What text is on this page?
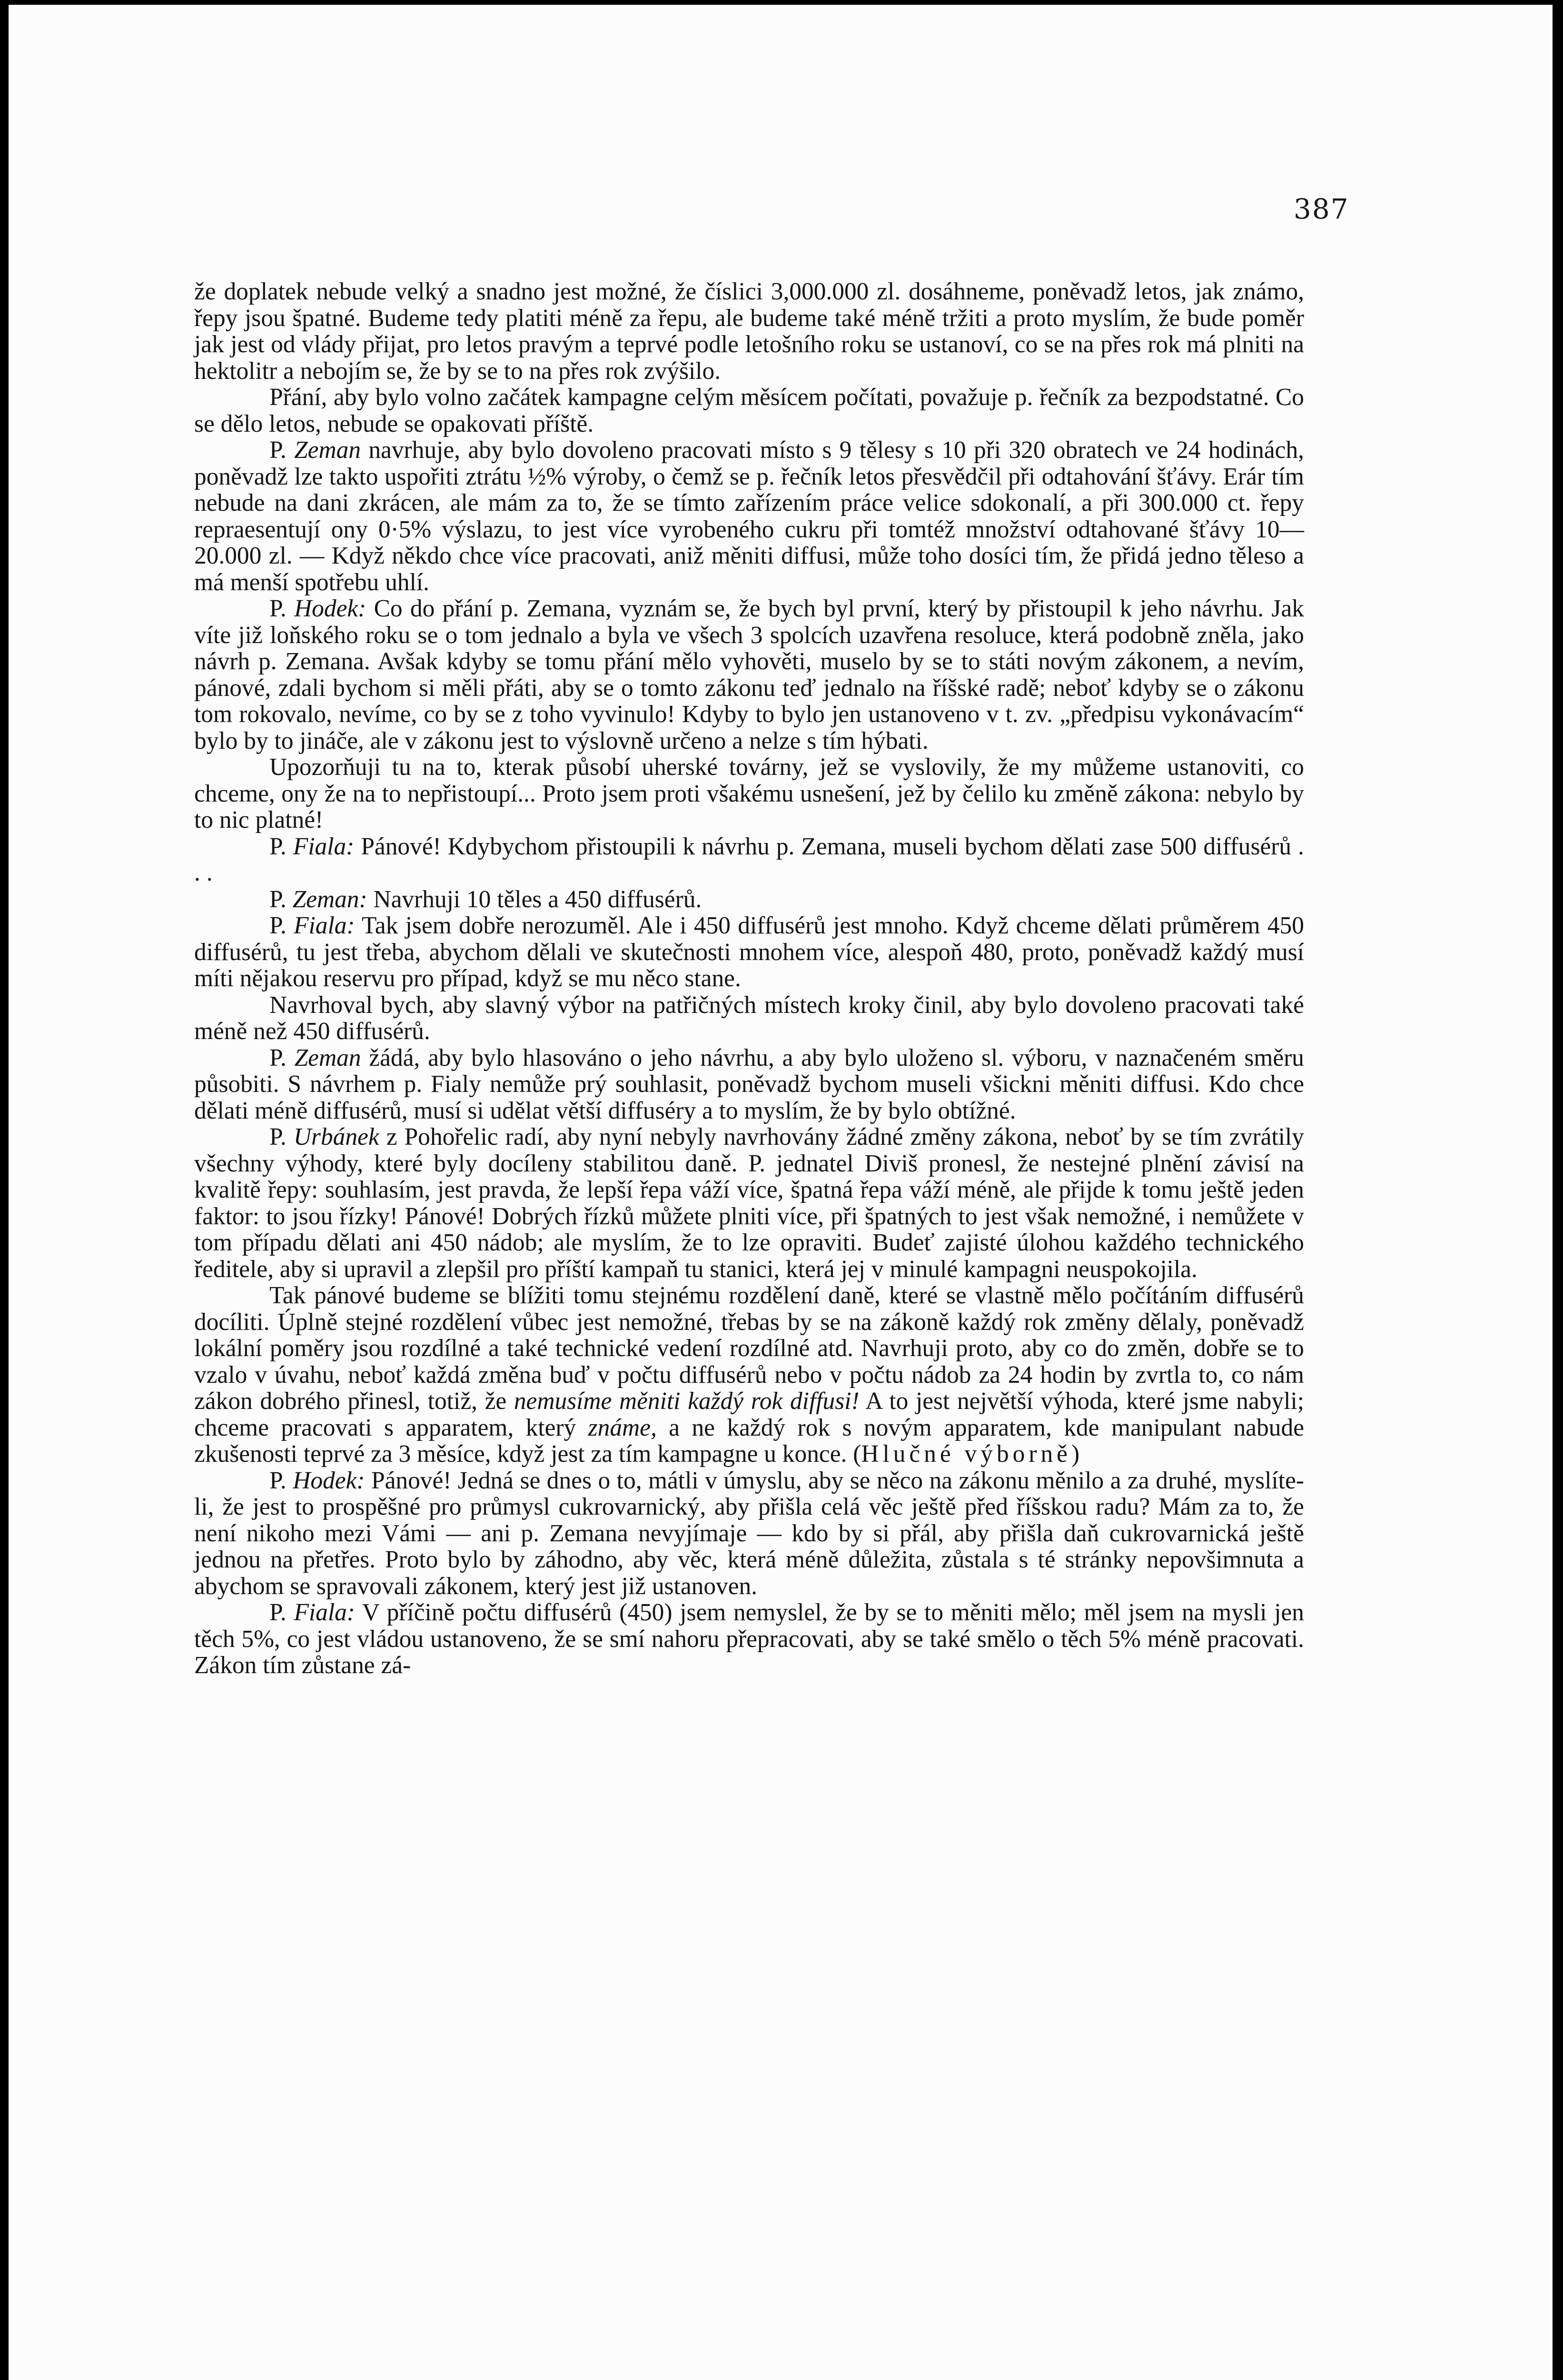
387

že doplatek nebude velký a snadno jest možné, že číslici 3,000.000 zl. dosáhneme, poněvadž letos, jak známo, řepy jsou špatné. Budeme tedy platiti méně za řepu, ale budeme také méně tržiti a proto myslím, že bude poměr jak jest od vlády přijat, pro letos pravým a teprvé podle letošního roku se ustanoví, co se na přes rok má plniti na hektolitr a nebojím se, že by se to na přes rok zvýšilo.

Přání, aby bylo volno začátek kampagne celým měsícem počítati, považuje p. řečník za bezpodstatné. Co se dělo letos, nebude se opakovati příště.

P. Zeman navrhuje, aby bylo dovoleno pracovati místo s 9 tělesy s 10 při 320 obratech ve 24 hodinách, poněvadž lze takto uspořiti ztrátu ½% výroby, o čemž se p. řečník letos přesvědčil při odtahování šťávy. Erár tím nebude na dani zkrácen, ale mám za to, že se tímto zařízením práce velice sdokonalí, a při 300.000 ct. řepy repraesentují ony 0·5% výslazu, to jest více vyrobeného cukru při tomtéž množství odtahované šťávy 10—20.000 zl. — Když někdo chce více pracovati, aniž měniti diffusi, může toho dosíci tím, že přidá jedno těleso a má menší spotřebu uhlí.

P. Hodek: Co do přání p. Zemana, vyznám se, že bych byl první, který by přistoupil k jeho návrhu. Jak víte již loňského roku se o tom jednalo a byla ve všech 3 spolcích uzavřena resoluce, která podobně zněla, jako návrh p. Zemana. Avšak kdyby se tomu přání mělo vyhověti, muselo by se to státi novým zákonem, a nevím, pánové, zdali bychom si měli přáti, aby se o tomto zákonu teď jednalo na říšské radě; neboť kdyby se o zákonu tom rokovalo, nevíme, co by se z toho vyvinulo! Kdyby to bylo jen ustanoveno v t. zv. „předpisu vykonávacím“ bylo by to jináče, ale v zákonu jest to výslovně určeno a nelze s tím hýbati.

Upozorňuji tu na to, kterak působí uherské továrny, jež se vyslovily, že my můžeme ustanoviti, co chceme, ony že na to nepřistoupí... Proto jsem proti všakému usnešení, jež by čelilo ku změně zákona: nebylo by to nic platné!

P. Fiala: Pánové! Kdybychom přistoupili k návrhu p. Zemana, museli bychom dělati zase 500 diffusérů . . .

P. Zeman: Navrhuji 10 těles a 450 diffusérů.

P. Fiala: Tak jsem dobře nerozuměl. Ale i 450 diffusérů jest mnoho. Když chceme dělati průměrem 450 diffusérů, tu jest třeba, abychom dělali ve skutečnosti mnohem více, alespoň 480, proto, poněvadž každý musí míti nějakou reservu pro případ, když se mu něco stane.

Navrhoval bych, aby slavný výbor na patřičných místech kroky činil, aby bylo dovoleno pracovati také méně než 450 diffusérů.

P. Zeman žádá, aby bylo hlasováno o jeho návrhu, a aby bylo uloženo sl. výboru, v naznačeném směru působiti. S návrhem p. Fialy nemůže prý souhlasit, poněvadž bychom museli všickni měniti diffusi. Kdo chce dělati méně diffusérů, musí si udělat větší diffuséry a to myslím, že by bylo obtížné.

P. Urbánek z Pohořelic radí, aby nyní nebyly navrhovány žádné změny zákona, neboť by se tím zvrátily všechny výhody, které byly docíleny stabilitou daně. P. jednatel Diviš pronesl, že nestejné plnění závisí na kvalitě řepy: souhlasím, jest pravda, že lepší řepa váží více, špatná řepa váží méně, ale přijde k tomu ještě jeden faktor: to jsou řízky! Pánové! Dobrých řízků můžete plniti více, při špatných to jest však nemožné, i nemůžete v tom případu dělati ani 450 nádob; ale myslím, že to lze opraviti. Budeť zajisté úlohou každého technického ředitele, aby si upravil a zlepšil pro příští kampaň tu stanici, která jej v minulé kampagni neuspokojila.

Tak pánové budeme se blížiti tomu stejnému rozdělení daně, které se vlastně mělo počítáním diffusérů docíliti. Úplně stejné rozdělení vůbec jest nemožné, třebas by se na zákoně každý rok změny dělaly, poněvadž lokální poměry jsou rozdílné a také technické vedení rozdílné atd. Navrhuji proto, aby co do změn, dobře se to vzalo v úvahu, neboť každá změna buď v počtu diffusérů nebo v počtu nádob za 24 hodin by zvrtla to, co nám zákon dobrého přinesl, totiž, že nemusíme měniti každý rok diffusi! A to jest největší výhoda, které jsme nabyli; chceme pracovati s apparatem, který známe, a ne každý rok s novým apparatem, kde manipulant nabude zkušenosti teprvé za 3 měsíce, když jest za tím kampagne u konce. (Hlučné výborně)

P. Hodek: Pánové! Jedná se dnes o to, mátli v úmyslu, aby se něco na zákonu měnilo a za druhé, myslíte-li, že jest to prospěšné pro průmysl cukrovarnický, aby přišla celá věc ještě před říšskou radu? Mám za to, že není nikoho mezi Vámi — ani p. Zemana nevyjímaje — kdo by si přál, aby přišla daň cukrovarnická ještě jednou na přetřes. Proto bylo by záhodno, aby věc, která méně důležita, zůstala s té stránky nepovšimnuta a abychom se spravovali zákonem, který jest již ustanoven.

P. Fiala: V příčině počtu diffusérů (450) jsem nemyslel, že by se to měniti mělo; měl jsem na mysli jen těch 5%, co jest vládou ustanoveno, že se smí nahoru přepracovati, aby se také smělo o těch 5% méně pracovati. Zákon tím zůstane zá-
